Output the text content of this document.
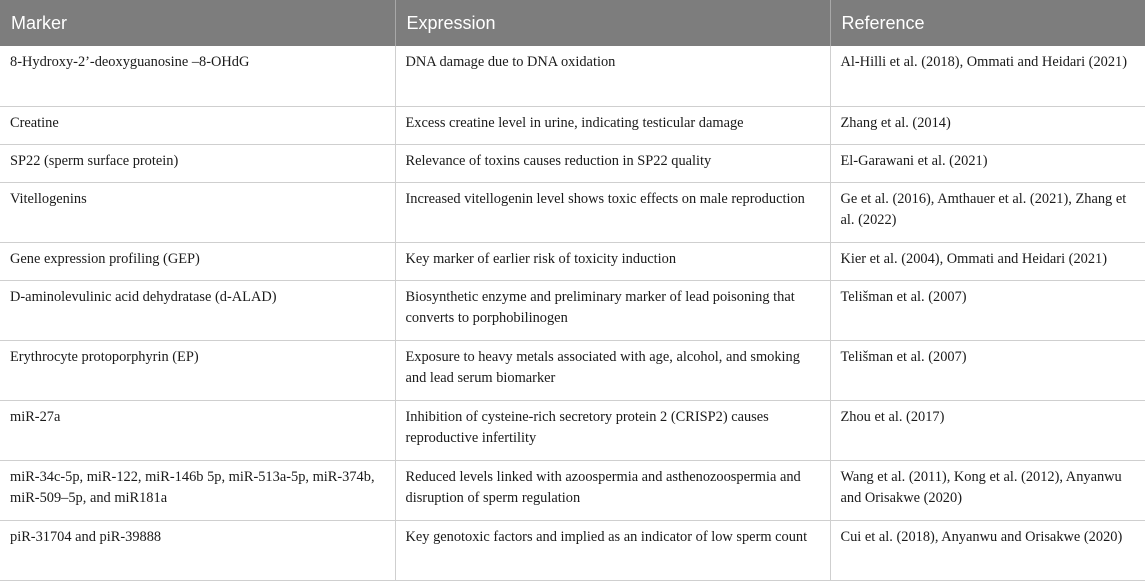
Marker	Expression	Reference
8-Hydroxy-2’-deoxyguanosine –8-OHdG	DNA damage due to DNA oxidation	Al-Hilli et al. (2018), Ommati and Heidari (2021)
Creatine	Excess creatine level in urine, indicating testicular damage	Zhang et al. (2014)
SP22 (sperm surface protein)	Relevance of toxins causes reduction in SP22 quality	El-Garawani et al. (2021)
Vitellogenins	Increased vitellogenin level shows toxic effects on male reproduction	Ge et al. (2016), Amthauer et al. (2021), Zhang et al. (2022)
Gene expression profiling (GEP)	Key marker of earlier risk of toxicity induction	Kier et al. (2004), Ommati and Heidari (2021)
D-aminolevulinic acid dehydratase (d-ALAD)	Biosynthetic enzyme and preliminary marker of lead poisoning that converts to porphobilinogen	Telišman et al. (2007)
Erythrocyte protoporphyrin (EP)	Exposure to heavy metals associated with age, alcohol, and smoking and lead serum biomarker	Telišman et al. (2007)
miR-27a	Inhibition of cysteine-rich secretory protein 2 (CRISP2) causes reproductive infertility	Zhou et al. (2017)
miR-34c-5p, miR-122, miR-146b 5p, miR-513a-5p, miR-374b, miR-509–5p, and miR181a	Reduced levels linked with azoospermia and asthenozoospermia and disruption of sperm regulation	Wang et al. (2011), Kong et al. (2012), Anyanwu and Orisakwe (2020)
piR-31704 and piR-39888	Key genotoxic factors and implied as an indicator of low sperm count	Cui et al. (2018), Anyanwu and Orisakwe (2020)
